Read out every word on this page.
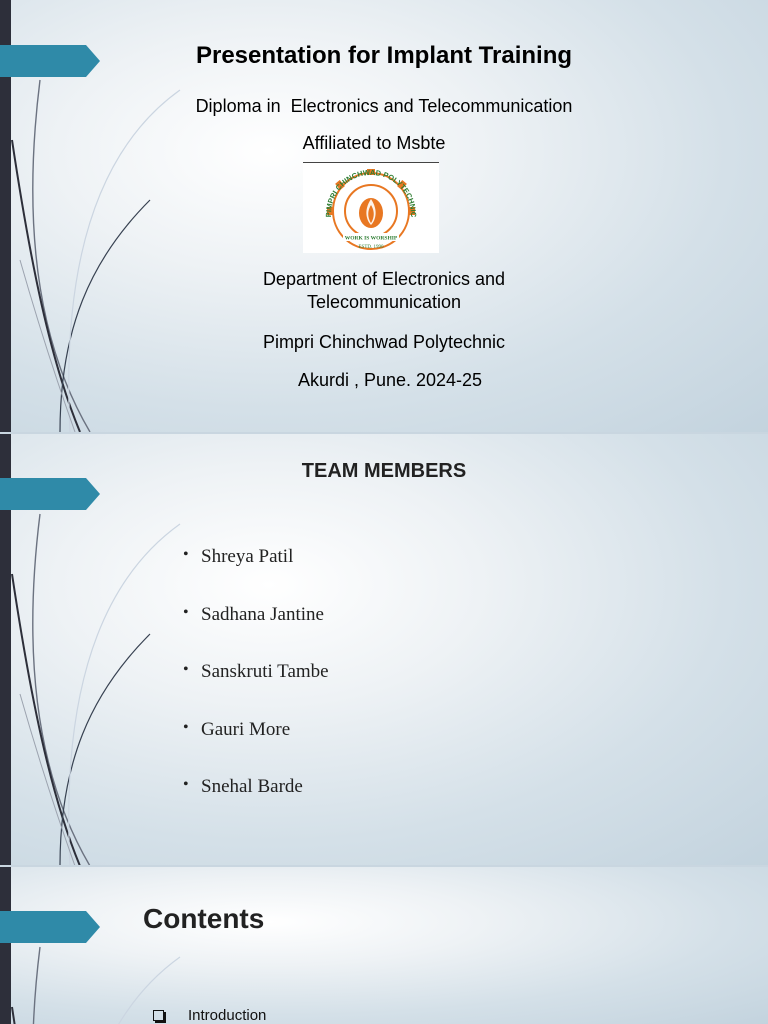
Presentation for Implant Training
Diploma in  Electronics and Telecommunication
Affiliated to Msbte
PIMPRI CHINCHWAD POLYTECHNIC
WORK IS WORSHIP
ESTD. 1990
Department of Electronics and
Telecommunication
Pimpri Chinchwad Polytechnic
Akurdi , Pune. 2024-25
TEAM MEMBERS
• Shreya Patil
• Sadhana Jantine
• Sanskruti Tambe
• Gauri More
• Snehal Barde
Contents
Introduction
